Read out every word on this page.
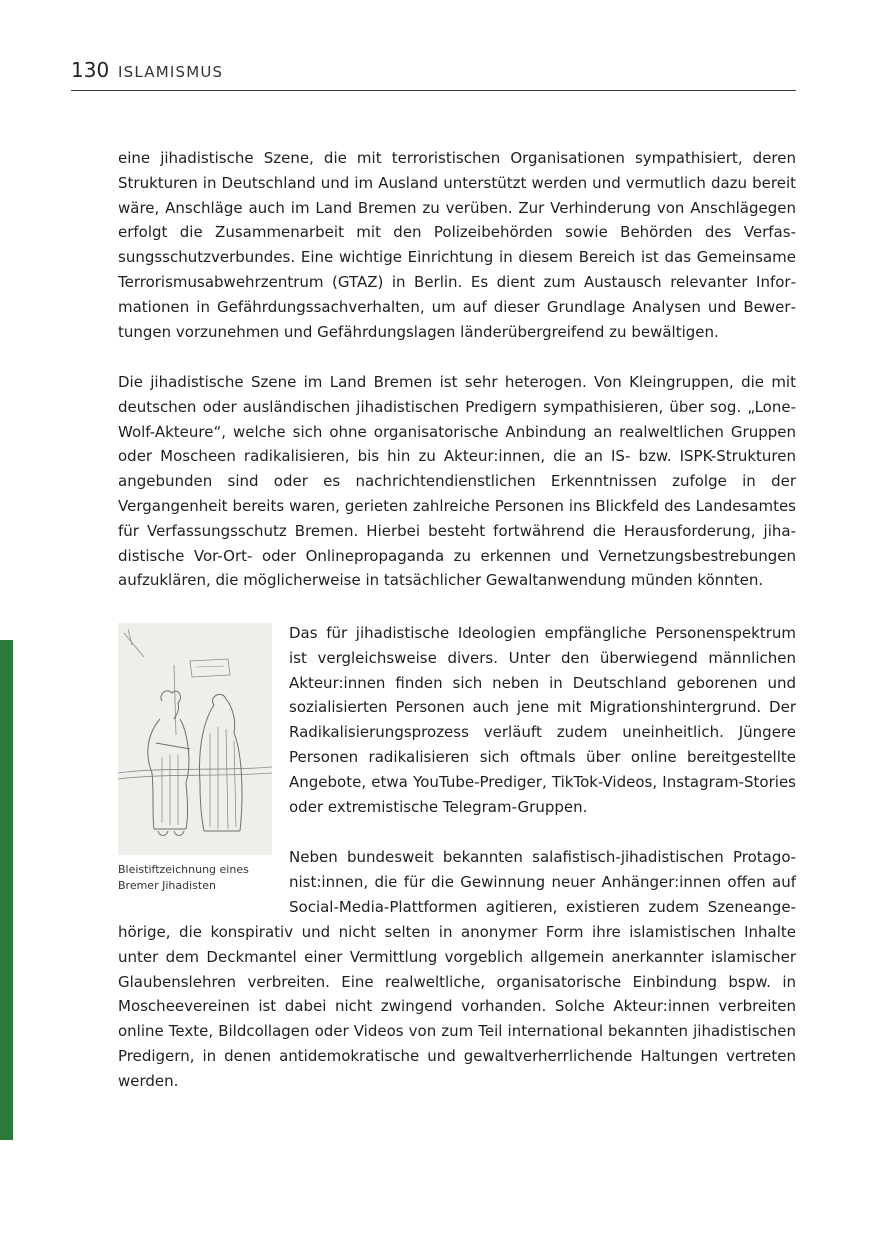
130 ISLAMISMUS

eine jihadistische Szene, die mit terroristischen Organisationen sympathisiert, deren Strukturen in Deutschland und im Ausland unterstützt werden und vermutlich dazu bereit wäre, Anschläge auch im Land Bremen zu verüben. Zur Verhinderung von Anschlägegen erfolgt die Zusammenarbeit mit den Polizeibehörden sowie Behörden des Verfassungsschutzverbundes. Eine wichtige Einrichtung in diesem Bereich ist das Gemeinsame Terrorismusabwehrzentrum (GTAZ) in Berlin. Es dient zum Austausch relevanter Informationen in Gefährdungssachverhalten, um auf dieser Grundlage Analysen und Bewertungen vorzunehmen und Gefährdungslagen länderübergreifend zu bewältigen.

Die jihadistische Szene im Land Bremen ist sehr heterogen. Von Kleingruppen, die mit deutschen oder ausländischen jihadistischen Predigern sympathisieren, über sog. „Lone-Wolf-Akteure“, welche sich ohne organisatorische Anbindung an realweltlichen Gruppen oder Moscheen radikalisieren, bis hin zu Akteur:innen, die an IS- bzw. ISPK-Strukturen angebunden sind oder es nachrichtendienstlichen Erkenntnissen zufolge in der Vergangenheit bereits waren, gerieten zahlreiche Personen ins Blickfeld des Landesamtes für Verfassungsschutz Bremen. Hierbei besteht fortwährend die Herausforderung, jihadistische Vor-Ort- oder Onlinepropaganda zu erkennen und Vernetzungsbestrebungen aufzuklären, die möglicherweise in tatsächlicher Gewaltanwendung münden könnten.

Bleistiftzeichnung eines Bremer Jihadisten

Das für jihadistische Ideologien empfängliche Personenspektrum ist vergleichsweise divers. Unter den überwiegend männlichen Akteur:innen finden sich neben in Deutschland geborenen und sozialisierten Personen auch jene mit Migrationshintergrund. Der Radikalisierungsprozess verläuft zudem uneinheitlich. Jüngere Personen radikalisieren sich oftmals über online bereitgestellte Angebote, etwa YouTube-Prediger, TikTok-Videos, Instagram-Stories oder extremistische Telegram-Gruppen.

Neben bundesweit bekannten salafistisch-jihadistischen Protagonist:innen, die für die Gewinnung neuer Anhänger:innen offen auf Social-Media-Plattformen agitieren, existieren zudem Szeneange-

hörige, die konspirativ und nicht selten in anonymer Form ihre islamistischen Inhalte unter dem Deckmantel einer Vermittlung vorgeblich allgemein anerkannter islamischer Glaubenslehren verbreiten. Eine realweltliche, organisatorische Einbindung bspw. in Moscheevereinen ist dabei nicht zwingend vorhanden. Solche Akteur:innen verbreiten online Texte, Bildcollagen oder Videos von zum Teil international bekannten jihadistischen Predigern, in denen antidemokratische und gewaltverherrlichende Haltungen vertreten werden.
